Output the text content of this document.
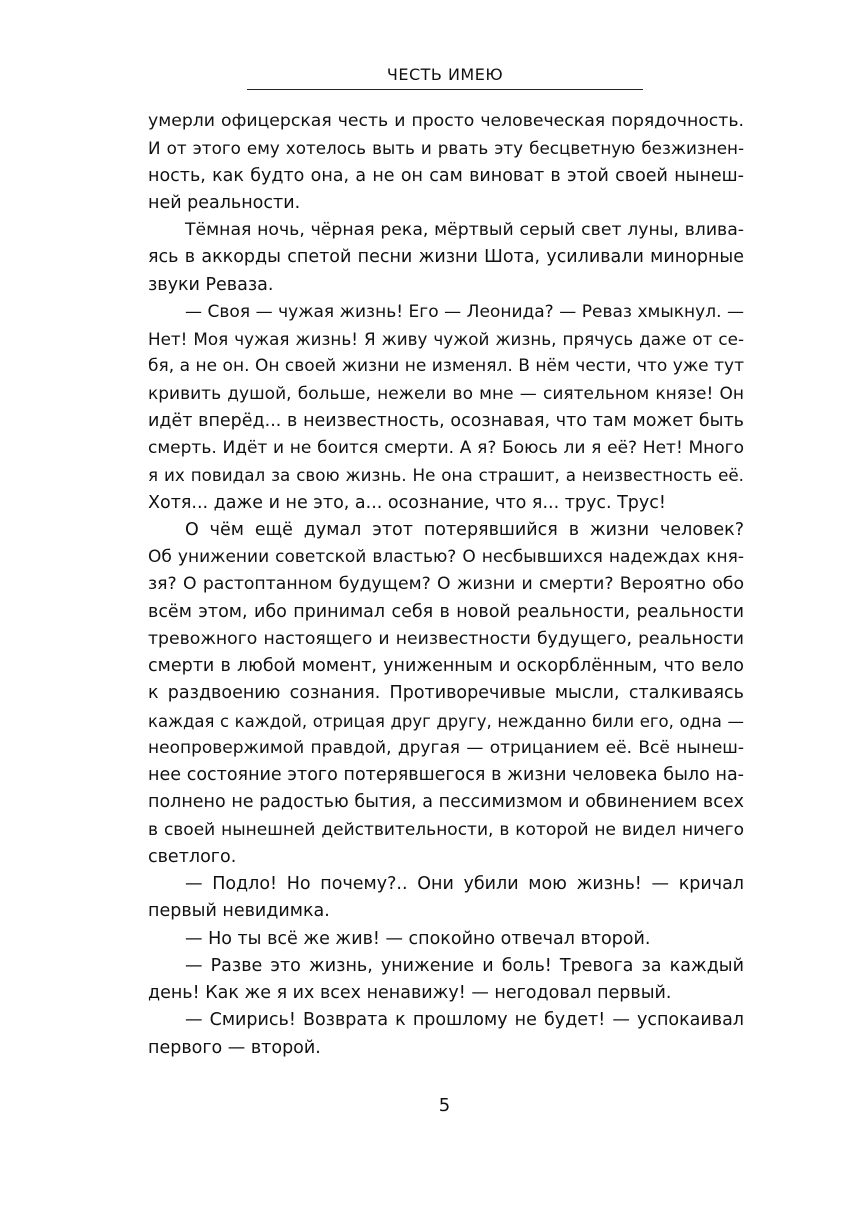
ЧЕСТЬ ИМЕЮ
умерли офицерская честь и просто человеческая порядочность.
И от этого ему хотелось выть и рвать эту бесцветную безжизнен-
ность, как будто она, а не он сам виноват в этой своей нынеш-
ней реальности.
Тёмная ночь, чёрная река, мёртвый серый свет луны, влива-
ясь в аккорды спетой песни жизни Шота, усиливали минорные
звуки Реваза.
— Своя — чужая жизнь! Его — Леонида? — Реваз хмыкнул. —
Нет! Моя чужая жизнь! Я живу чужой жизнь, прячусь даже от се-
бя, а не он. Он своей жизни не изменял. В нём чести, что уже тут
кривить душой, больше, нежели во мне — сиятельном князе! Он
идёт вперёд... в неизвестность, осознавая, что там может быть
смерть. Идёт и не боится смерти. А я? Боюсь ли я её? Нет! Много
я их повидал за свою жизнь. Не она страшит, а неизвестность её.
Хотя... даже и не это, а... осознание, что я... трус. Трус!
О чём ещё думал этот потерявшийся в жизни человек?
Об унижении советской властью? О несбывшихся надеждах кня-
зя? О растоптанном будущем? О жизни и смерти? Вероятно обо
всём этом, ибо принимал себя в новой реальности, реальности
тревожного настоящего и неизвестности будущего, реальности
смерти в любой момент, униженным и оскорблённым, что вело
к раздвоению сознания. Противоречивые мысли, сталкиваясь
каждая с каждой, отрицая друг другу, нежданно били его, одна —
неопровержимой правдой, другая — отрицанием её. Всё нынеш-
нее состояние этого потерявшегося в жизни человека было на-
полнено не радостью бытия, а пессимизмом и обвинением всех
в своей нынешней действительности, в которой не видел ничего
светлого.
— Подло! Но почему?.. Они убили мою жизнь! — кричал
первый невидимка.
— Но ты всё же жив! — спокойно отвечал второй.
— Разве это жизнь, унижение и боль! Тревога за каждый
день! Как же я их всех ненавижу! — негодовал первый.
— Смирись! Возврата к прошлому не будет! — успокаивал
первого — второй.
5
